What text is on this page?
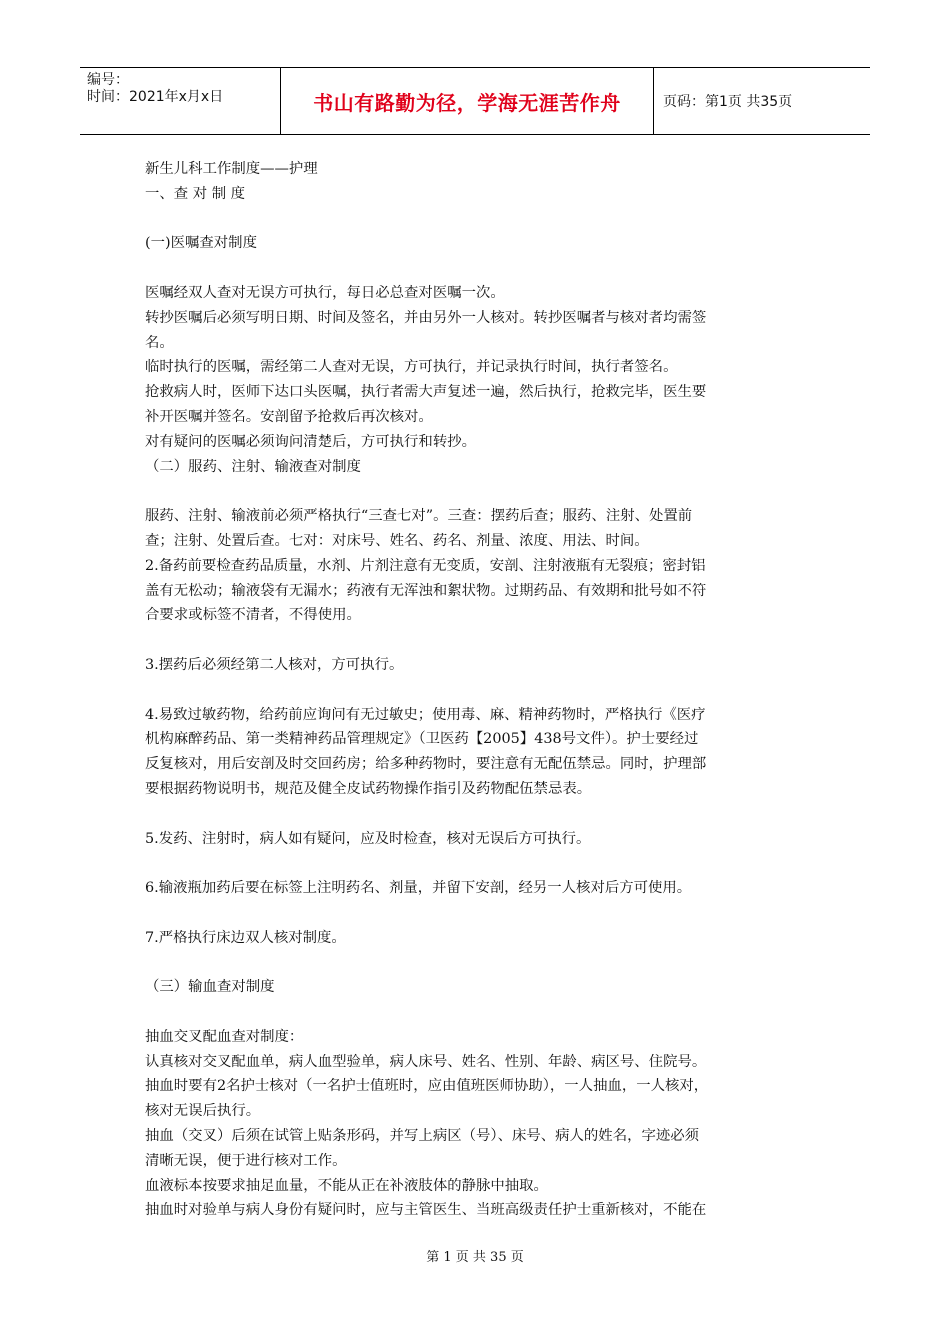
编号：
时间：2021年x月x日	书山有路勤为径，学海无涯苦作舟	页码：第1页 共35页
新生儿科工作制度——护理
一、查 对 制 度
(一)医嘱查对制度
医嘱经双人查对无误方可执行，每日必总查对医嘱一次。
转抄医嘱后必须写明日期、时间及签名，并由另外一人核对。转抄医嘱者与核对者均需签
名。
临时执行的医嘱，需经第二人查对无误，方可执行，并记录执行时间，执行者签名。
抢救病人时，医师下达口头医嘱，执行者需大声复述一遍，然后执行，抢救完毕，医生要
补开医嘱并签名。安剖留予抢救后再次核对。
对有疑问的医嘱必须询问清楚后，方可执行和转抄。
（二）服药、注射、输液查对制度
服药、注射、输液前必须严格执行“三查七对”。三查：摆药后查；服药、注射、处置前
查；注射、处置后查。七对：对床号、姓名、药名、剂量、浓度、用法、时间。
2.备药前要检查药品质量，水剂、片剂注意有无变质，安剖、注射液瓶有无裂痕；密封铝
盖有无松动；输液袋有无漏水；药液有无浑浊和絮状物。过期药品、有效期和批号如不符
合要求或标签不清者，不得使用。
3.摆药后必须经第二人核对，方可执行。
4.易致过敏药物，给药前应询问有无过敏史；使用毒、麻、精神药物时，严格执行《医疗
机构麻醉药品、第一类精神药品管理规定》（卫医药【2005】438号文件）。护士要经过
反复核对，用后安剖及时交回药房；给多种药物时，要注意有无配伍禁忌。同时，护理部
要根据药物说明书，规范及健全皮试药物操作指引及药物配伍禁忌表。
5.发药、注射时，病人如有疑问，应及时检查，核对无误后方可执行。
6.输液瓶加药后要在标签上注明药名、剂量，并留下安剖，经另一人核对后方可使用。
7.严格执行床边双人核对制度。
（三）输血查对制度
抽血交叉配血查对制度：
认真核对交叉配血单，病人血型验单，病人床号、姓名、性别、年龄、病区号、住院号。
抽血时要有2名护士核对（一名护士值班时，应由值班医师协助），一人抽血，一人核对，
核对无误后执行。
抽血（交叉）后须在试管上贴条形码，并写上病区（号）、床号、病人的姓名，字迹必须
清晰无误，便于进行核对工作。
血液标本按要求抽足血量，不能从正在补液肢体的静脉中抽取。
抽血时对验单与病人身份有疑问时，应与主管医生、当班高级责任护士重新核对，不能在
第 1 页 共 35 页
